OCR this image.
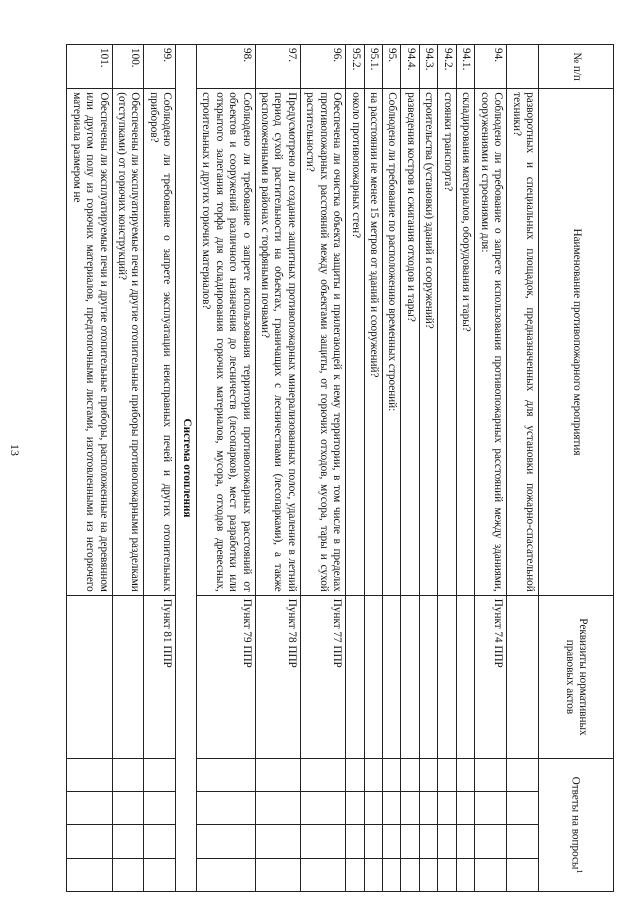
13
№ п/п	Наименование противопожарного мероприятия	Реквизиты нормативных правовых актов	Ответы на вопросы$^1$
	разворотных и специальных площадок, предназначенных для установки пожарно-спасательной техники?					
94.	Соблюдено ли требование о запрете использования противопожарных расстояний между зданиями, сооружениями и строениями для:	Пункт 74 ППР				
94.1.	складирования материалов, оборудования и тары?					
94.2.	стоянки транспорта?					
94.3.	строительства (установки) зданий и сооружений?					
94.4.	разведения костров и сжигания отходов и тары?					
95.	Соблюдено ли требование по расположению временных строений:					
95.1.	на расстоянии не менее 15 метров от зданий и сооружений?					
95.2.	около противопожарных стен?					
96.	Обеспечена ли очистка объекта защиты и прилегающей к нему территории, в том числе в пределах противопожарных расстояний между объектами защиты, от горючих отходов, мусора, тары и сухой растительности?	Пункт 77 ППР				
97.	Предусмотрено ли создание защитных противопожарных минерализованных полос, удаление в летний период сухой растительности на объектах, граничащих с лесничествами (лесопарками), а также расположенными в районах с торфяными почвами?	Пункт 78 ППР				
98.	Соблюдено ли требование о запрете использования территории противопожарных расстояний от объектов и сооружений различного назначения до лесничеств (лесопарков), мест разработки или открытого залегания торфа для складирования горючих материалов, мусора, отходов древесных, строительных и других горючих материалов?	Пункт 79 ППР				
Система отопления						
99.	Соблюдено ли требование о запрете эксплуатации неисправных печей и других отопительных приборов?	Пункт 81 ППР				
100.	Обеспечены ли эксплуатируемые печи и другие отопительные приборы противопожарными разделками (отступками) от горючих конструкций?					
101.	Обеспечены ли эксплуатируемые печи и другие отопительные приборы, расположенные на деревянном или другом полу из горючих материалов, предтопочными листами, изготовленными из негорючего материала размером не					
